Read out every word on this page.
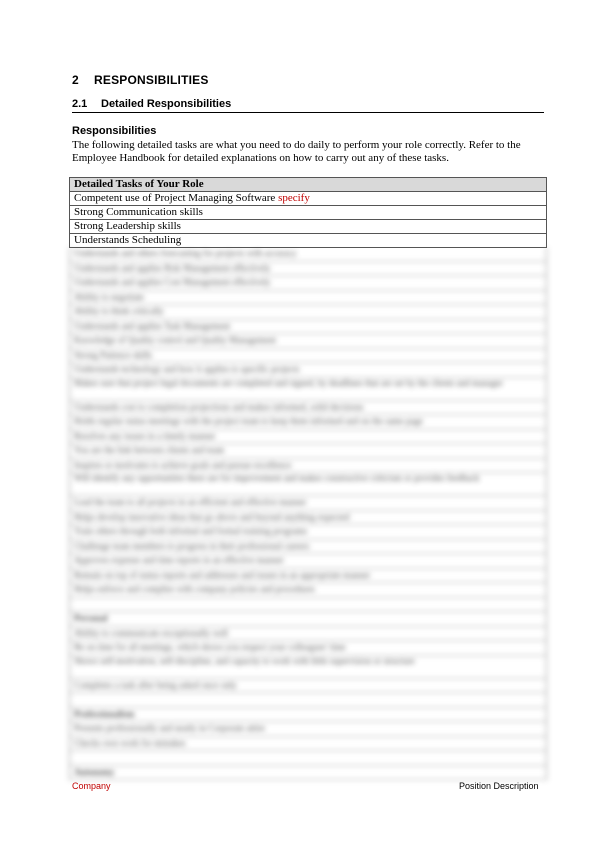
2 RESPONSIBILITIES
2.1 Detailed Responsibilities
Responsibilities
The following detailed tasks are what you need to do daily to perform your role correctly. Refer to the Employee Handbook for detailed explanations on how to carry out any of these tasks.
Detailed Tasks of Your Role
Competent use of Project Managing Software specify
Strong Communication skills
Strong Leadership skills
Understands Scheduling
Understands and others forecasting for projects with accuracy
Understands and applies Risk Management effectively
Understands and applies Cost Management effectively
Ability to negotiate
Ability to think critically
Understands and applies Task Management
Knowledge of Quality control and Quality Management
Strong Patience skills
Understands technology and how it applies to specific projects
Makes sure that project legal documents are completed and signed, by deadlines that are set by the clients and manager
Understands cost to completion projections and makes informed, solid decisions
Holds regular status meetings with the project team to keep them informed and on the same page
Resolves any issues in a timely manner
You are the link between clients and team
Inspires or motivates to achieve goals and pursue excellence
Will identify any opportunities there are for improvement and makes constructive criticism or provides feedback
Lead the team to all projects in an efficient and effective manner
Helps develop innovative ideas that go above and beyond anything expected
Train others through both informal and formal training programs
Challenge team members to progress in their professional careers
Approves expense and time reports in an effective manner
Remain on top of status reports and addresses and issues in an appropriate manner
Helps enforce and complies with company policies and procedures
Personal
Ability to communicate exceptionally well
Be on time for all meetings, which shows you respect your colleagues' time
Shows self-motivation, self-discipline, and capacity to work with little supervision or structure
Completes a task after being asked once only
Professionalism
Presents professionally and neatly in Corporate attire
Checks own work for mistakes
Autonomy
Company	Position Description
